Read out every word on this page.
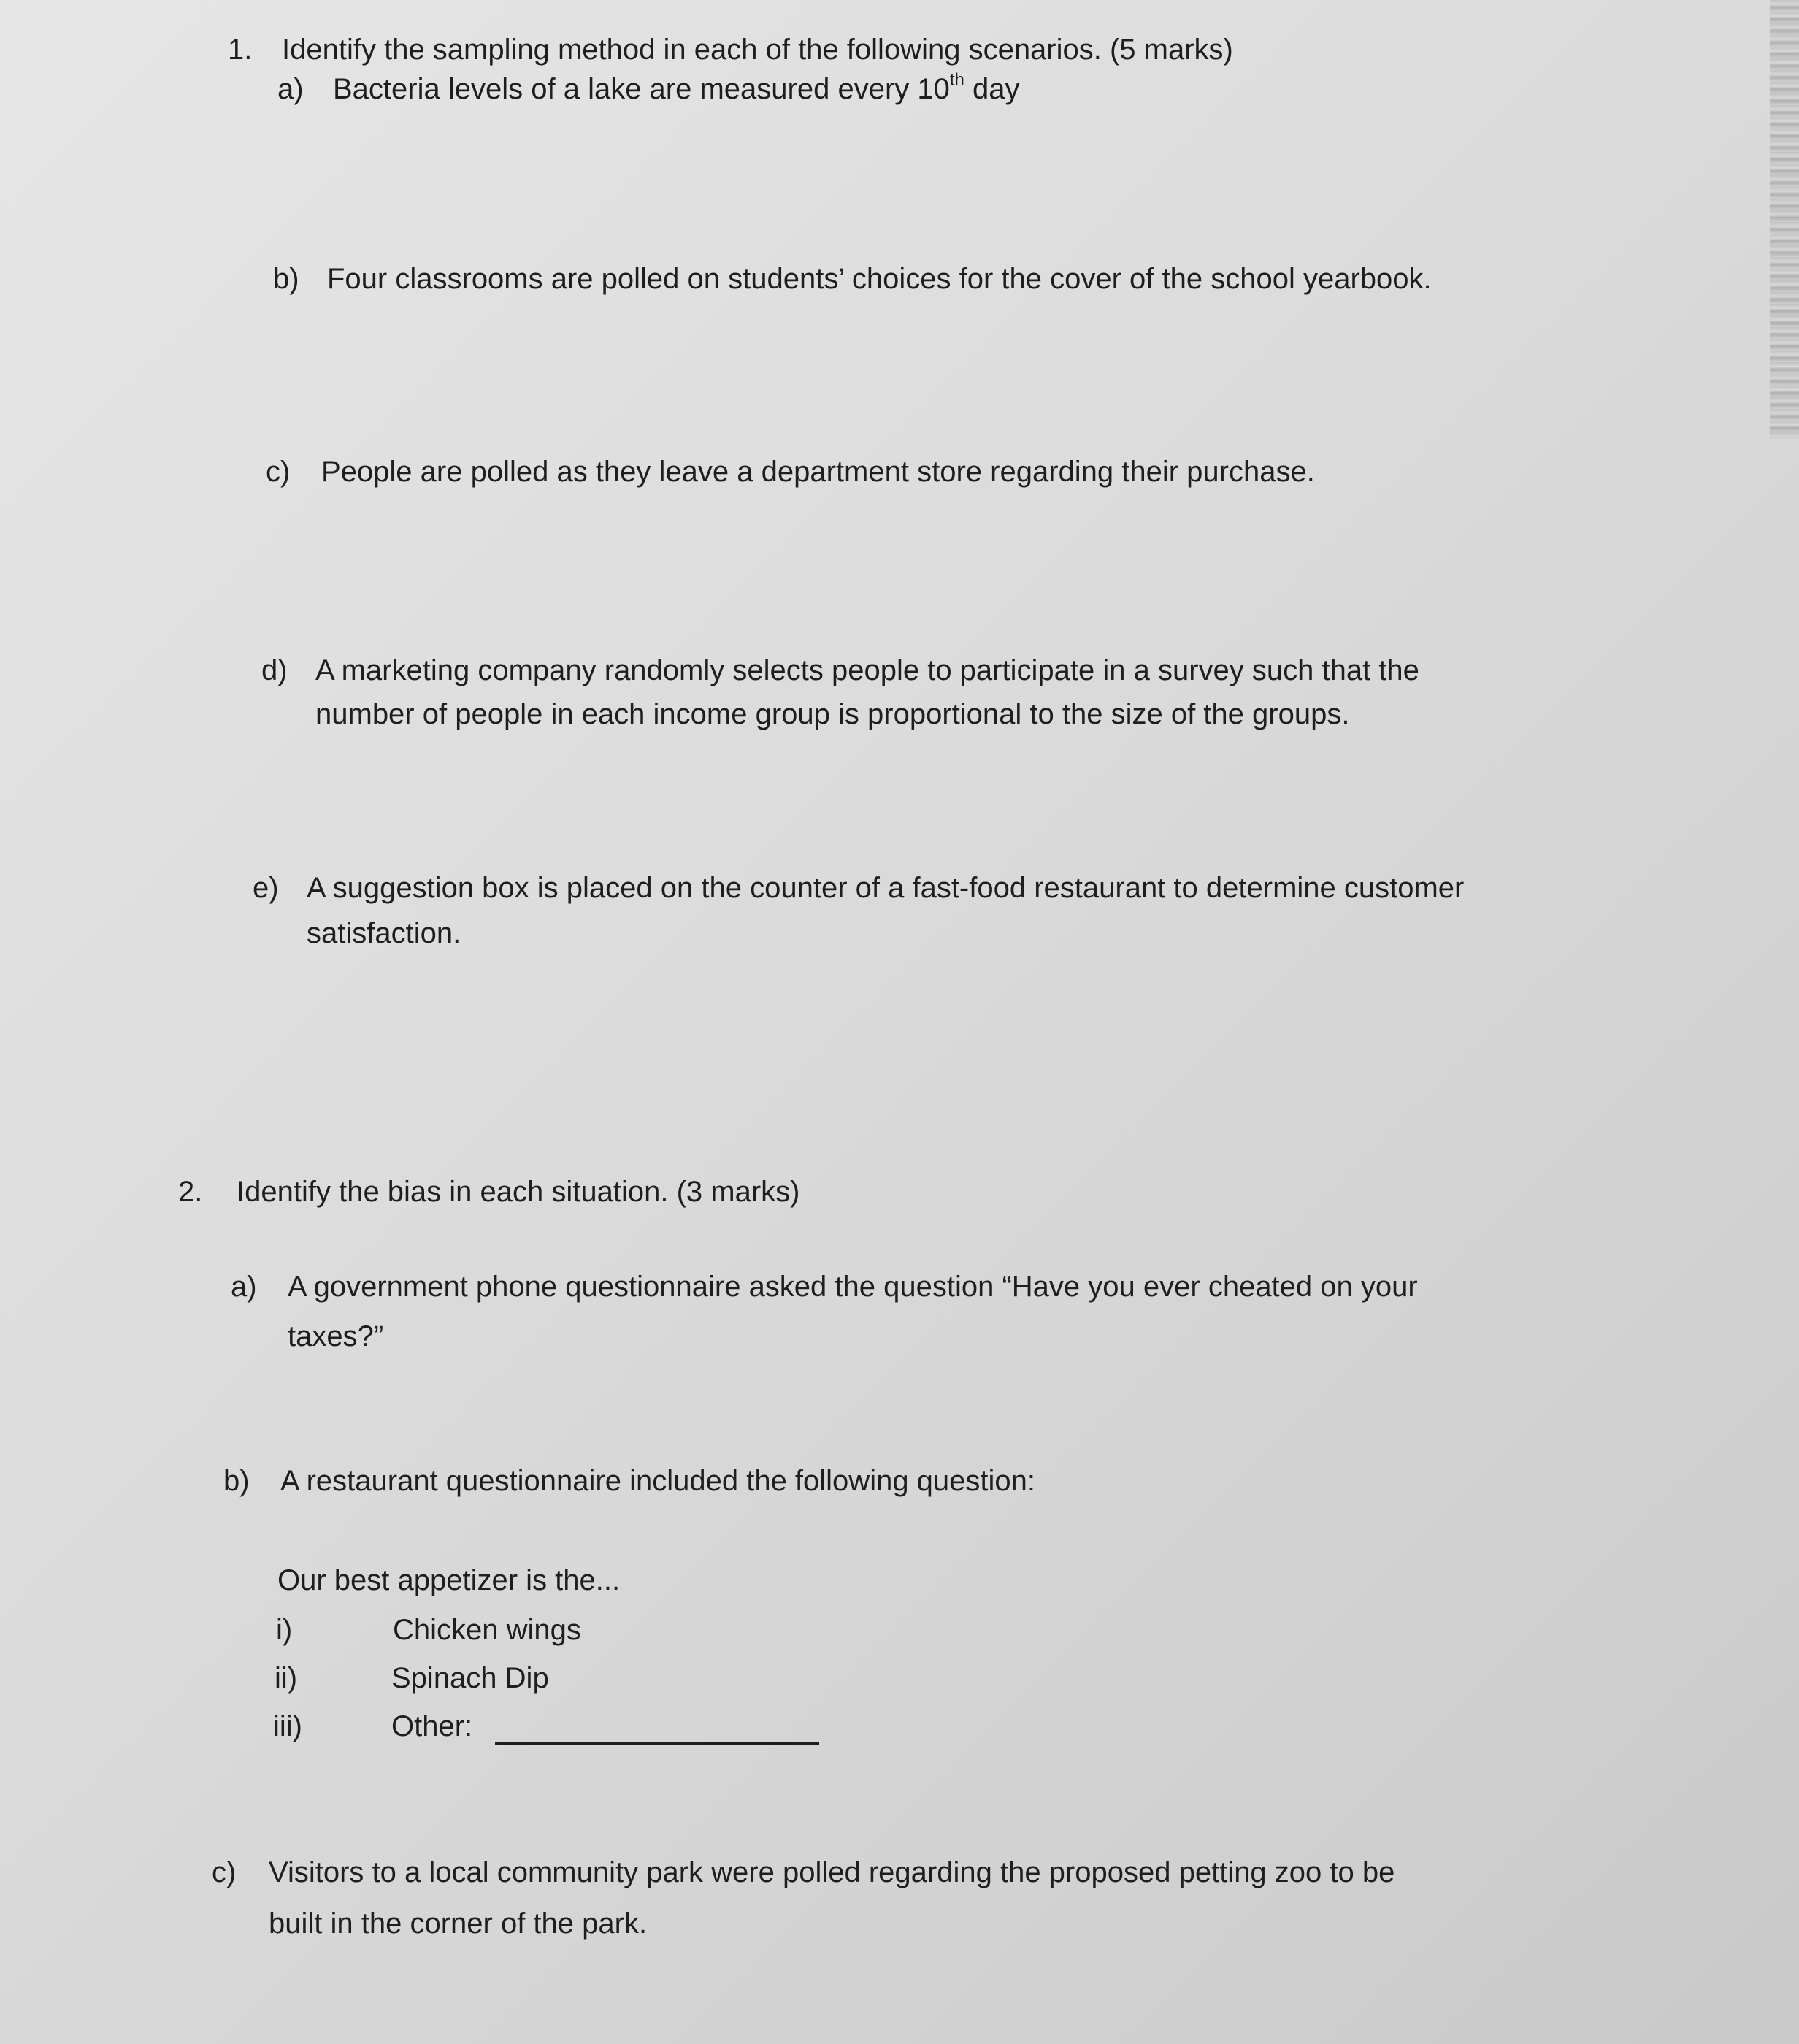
1. Identify the sampling method in each of the following scenarios. (5 marks)
a) Bacteria levels of a lake are measured every 10th day
b) Four classrooms are polled on students’ choices for the cover of the school yearbook.
c) People are polled as they leave a department store regarding their purchase.
d) A marketing company randomly selects people to participate in a survey such that the
number of people in each income group is proportional to the size of the groups.
e) A suggestion box is placed on the counter of a fast-food restaurant to determine customer
satisfaction.
2. Identify the bias in each situation. (3 marks)
a) A government phone questionnaire asked the question “Have you ever cheated on your
taxes?”
b) A restaurant questionnaire included the following question:
Our best appetizer is the...
i)	Chicken wings
ii)	Spinach Dip
iii)	Other:
c) Visitors to a local community park were polled regarding the proposed petting zoo to be
built in the corner of the park.
